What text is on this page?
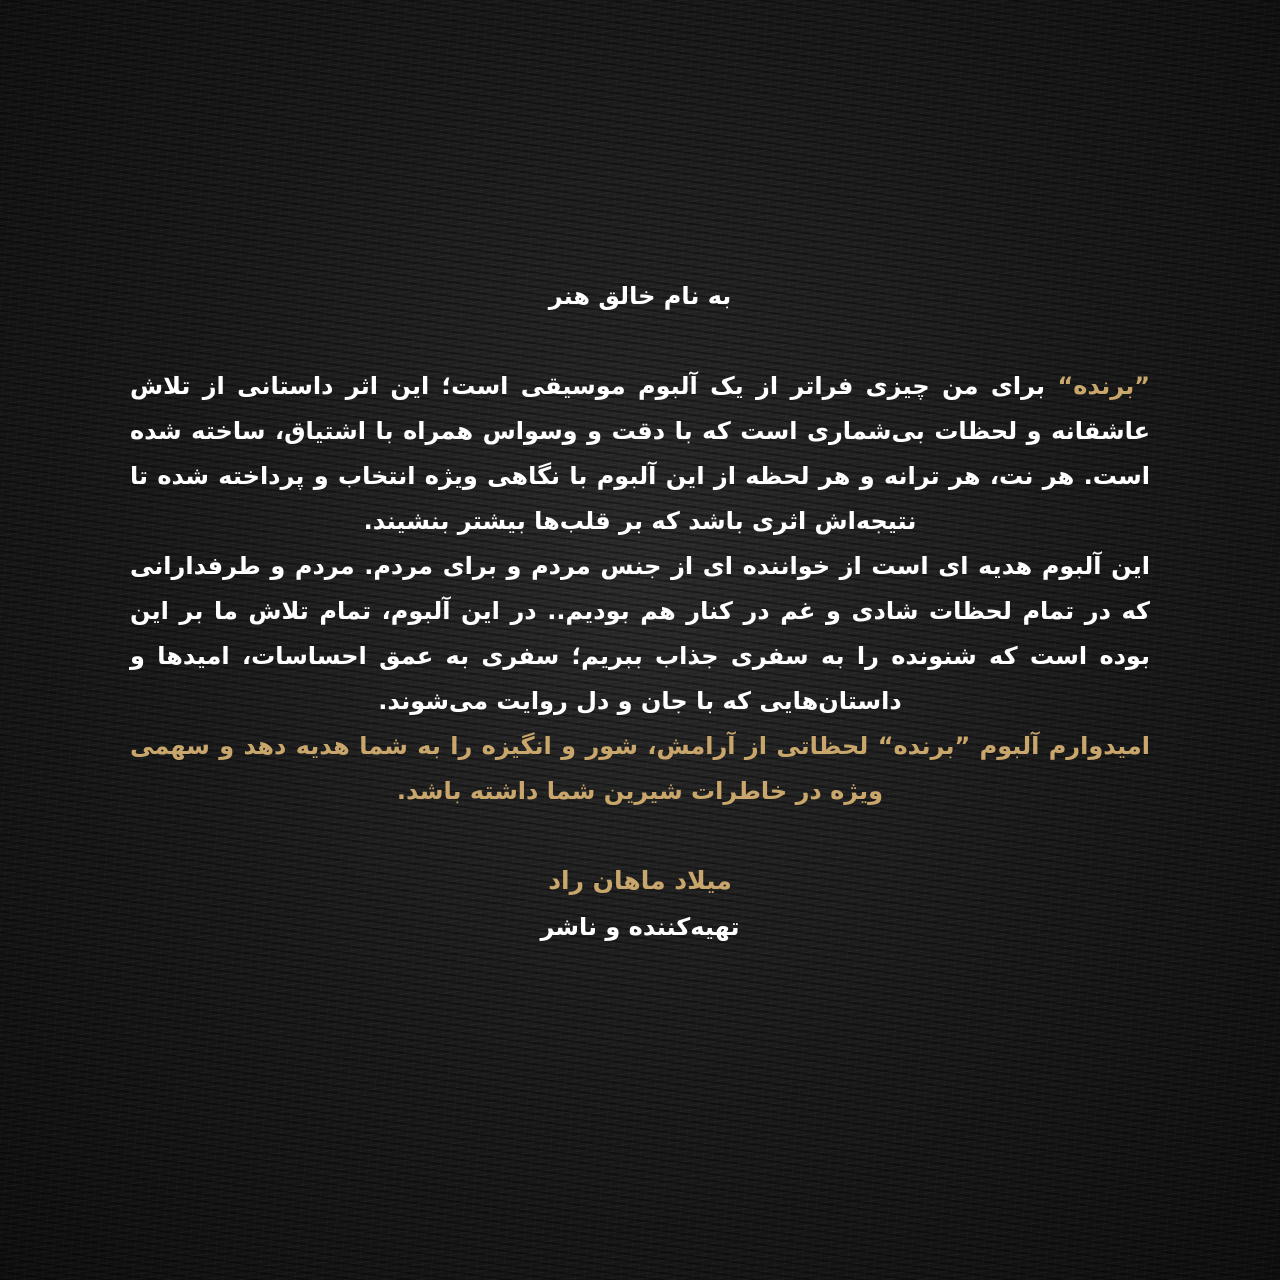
به نام خالق هنر

”برنده“ برای من چیزی فراتر از یک آلبوم موسیقی است؛ این اثر داستانی از تلاش عاشقانه و لحظات بی‌شماری است که با دقت و وسواس همراه با اشتیاق، ساخته شده است. هر نت، هر ترانه و هر لحظه از این آلبوم با نگاهی ویژه انتخاب و پرداخته شده تا نتیجه‌اش اثری باشد که بر قلب‌ها بیشتر بنشیند.

این آلبوم هدیه ای است از خواننده ای از جنس مردم و برای مردم. مردم و طرفدارانی که در تمام لحظات شادی و غم در کنار هم بودیم.. در این آلبوم، تمام تلاش ما بر این بوده است که شنونده را به سفری جذاب ببریم؛ سفری به عمق احساسات، امیدها و داستان‌هایی که با جان و دل روایت می‌شوند.

امیدوارم آلبوم ”برنده“ لحظاتی از آرامش، شور و انگیزه را به شما هدیه دهد و سهمی ویژه در خاطرات شیرین شما داشته باشد.

میلاد ماهان راد
تهیه‌کننده و ناشر
